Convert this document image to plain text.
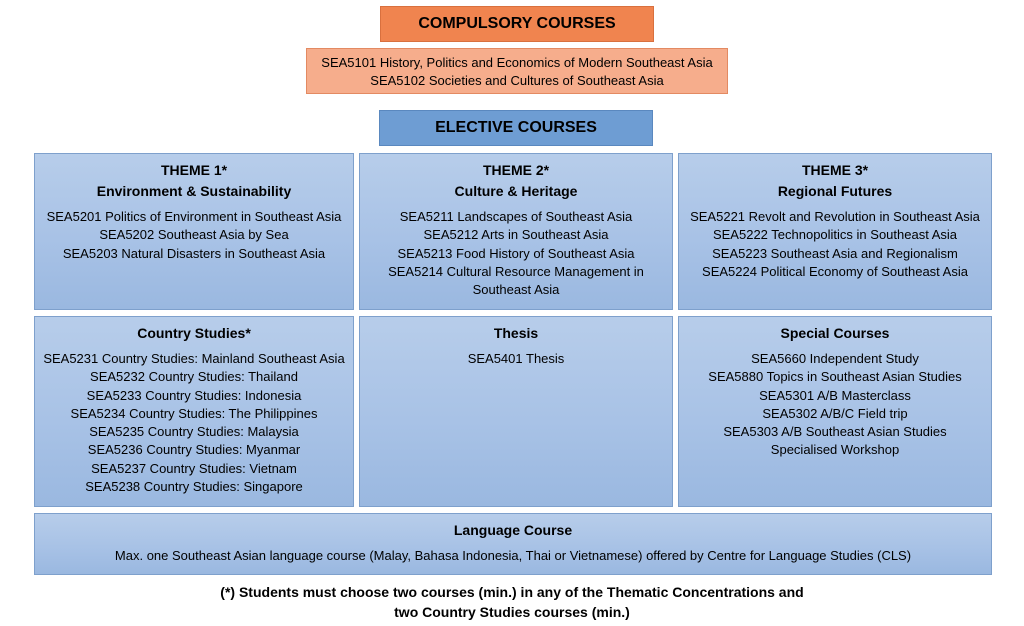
COMPULSORY COURSES
SEA5101 History, Politics and Economics of Modern Southeast Asia
SEA5102 Societies and Cultures of Southeast Asia
ELECTIVE COURSES
THEME 1*
Environment & Sustainability
SEA5201 Politics of Environment in Southeast Asia
SEA5202 Southeast Asia by Sea
SEA5203 Natural Disasters in Southeast Asia
THEME 2*
Culture & Heritage
SEA5211 Landscapes of Southeast Asia
SEA5212 Arts in Southeast Asia
SEA5213 Food History of Southeast Asia
SEA5214 Cultural Resource Management in Southeast Asia
THEME 3*
Regional Futures
SEA5221 Revolt and Revolution in Southeast Asia
SEA5222 Technopolitics in Southeast Asia
SEA5223 Southeast Asia and Regionalism
SEA5224 Political Economy of Southeast Asia
Country Studies*
SEA5231 Country Studies: Mainland Southeast Asia
SEA5232 Country Studies: Thailand
SEA5233 Country Studies: Indonesia
SEA5234 Country Studies: The Philippines
SEA5235 Country Studies: Malaysia
SEA5236 Country Studies: Myanmar
SEA5237 Country Studies: Vietnam
SEA5238 Country Studies: Singapore
Thesis
SEA5401 Thesis
Special Courses
SEA5660 Independent Study
SEA5880 Topics in Southeast Asian Studies
SEA5301 A/B Masterclass
SEA5302 A/B/C Field trip
SEA5303 A/B Southeast Asian Studies Specialised Workshop
Language Course
Max. one Southeast Asian language course (Malay, Bahasa Indonesia, Thai or Vietnamese) offered by Centre for Language Studies (CLS)
(*) Students must choose two courses (min.) in any of the Thematic Concentrations and
two Country Studies courses (min.)
